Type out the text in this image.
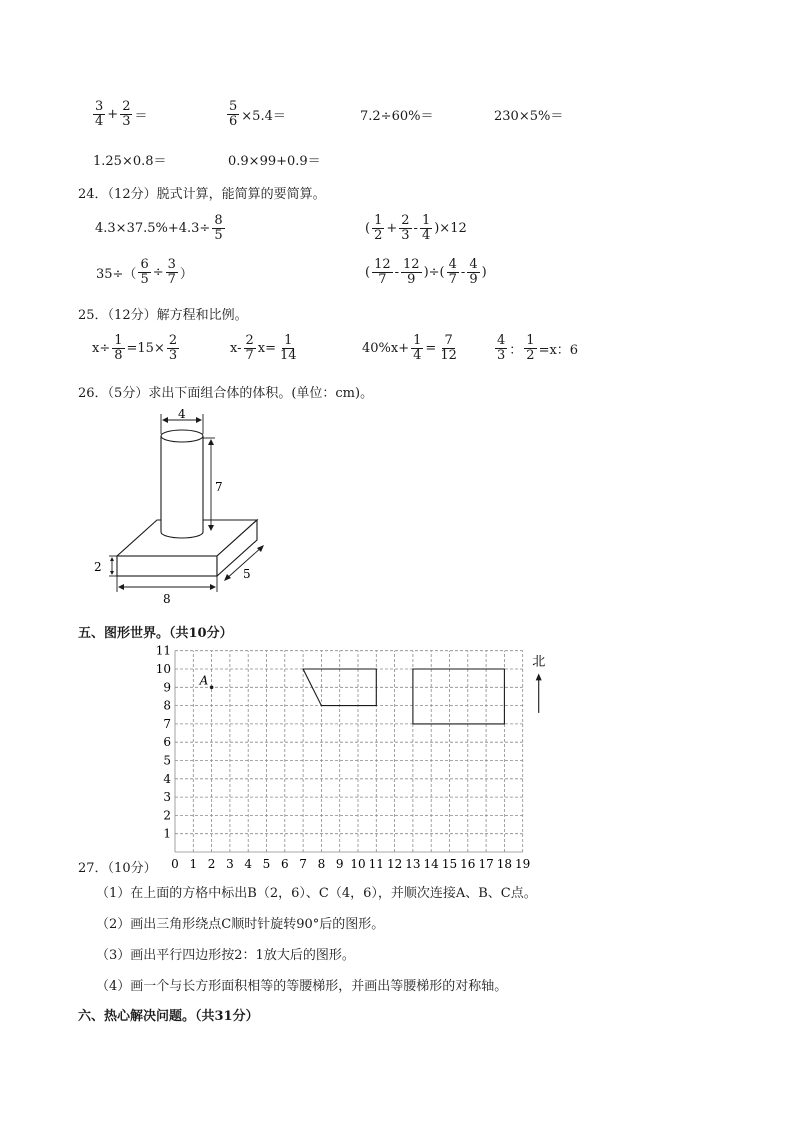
$\frac{3}{4} + \frac{2}{3}$ ＝	$\frac{5}{6} \times 5.4=$	7.2÷60%＝	230×5%＝
1.25×0.8＝	0.9×99+0.9＝
24．（12分）脱式计算，能简算的要简算。
$4.3\times 37.5\%+4.3\div \frac{8}{5}$	( $\frac{1}{2} + \frac{2}{3} - \frac{1}{4} )\times 12$
$35\div( \frac{6}{5} \div \frac{3}{7}$ ）	( $\frac{12}{7} - \frac{12}{9}$ )÷( $\frac{4}{7} - \frac{4}{9}$ )
25．（12分）解方程和比例。
$x\div \frac{1}{8} =15\times \frac{2}{3}$	$x- \frac{2}{7} x= \frac{1}{14}$	$40\%x+ \frac{1}{4} = \frac{7}{12}$	$\frac{4}{3}$ ： $\frac{1}{2} =x$：6
26．（5分）求出下面组合体的体积。(单位：cm)。
4
7
2
8
5
五、图形世界。（共10分）
0 1 2 3 4 5 6 7 8 9 10 11 12 13 14 15 16 17 18 19
1
2
3
4
5
6
7
8
9
10
11
A
北
27．（10分）
（1）在上面的方格中标出B（2，6）、C（4，6），并顺次连接A、B、C点。
（2）画出三角形绕点C顺时针旋转90°后的图形。
（3）画出平行四边形按2：1放大后的图形。
（4）画一个与长方形面积相等的等腰梯形，并画出等腰梯形的对称轴。
六、热心解决问题。（共31分）
